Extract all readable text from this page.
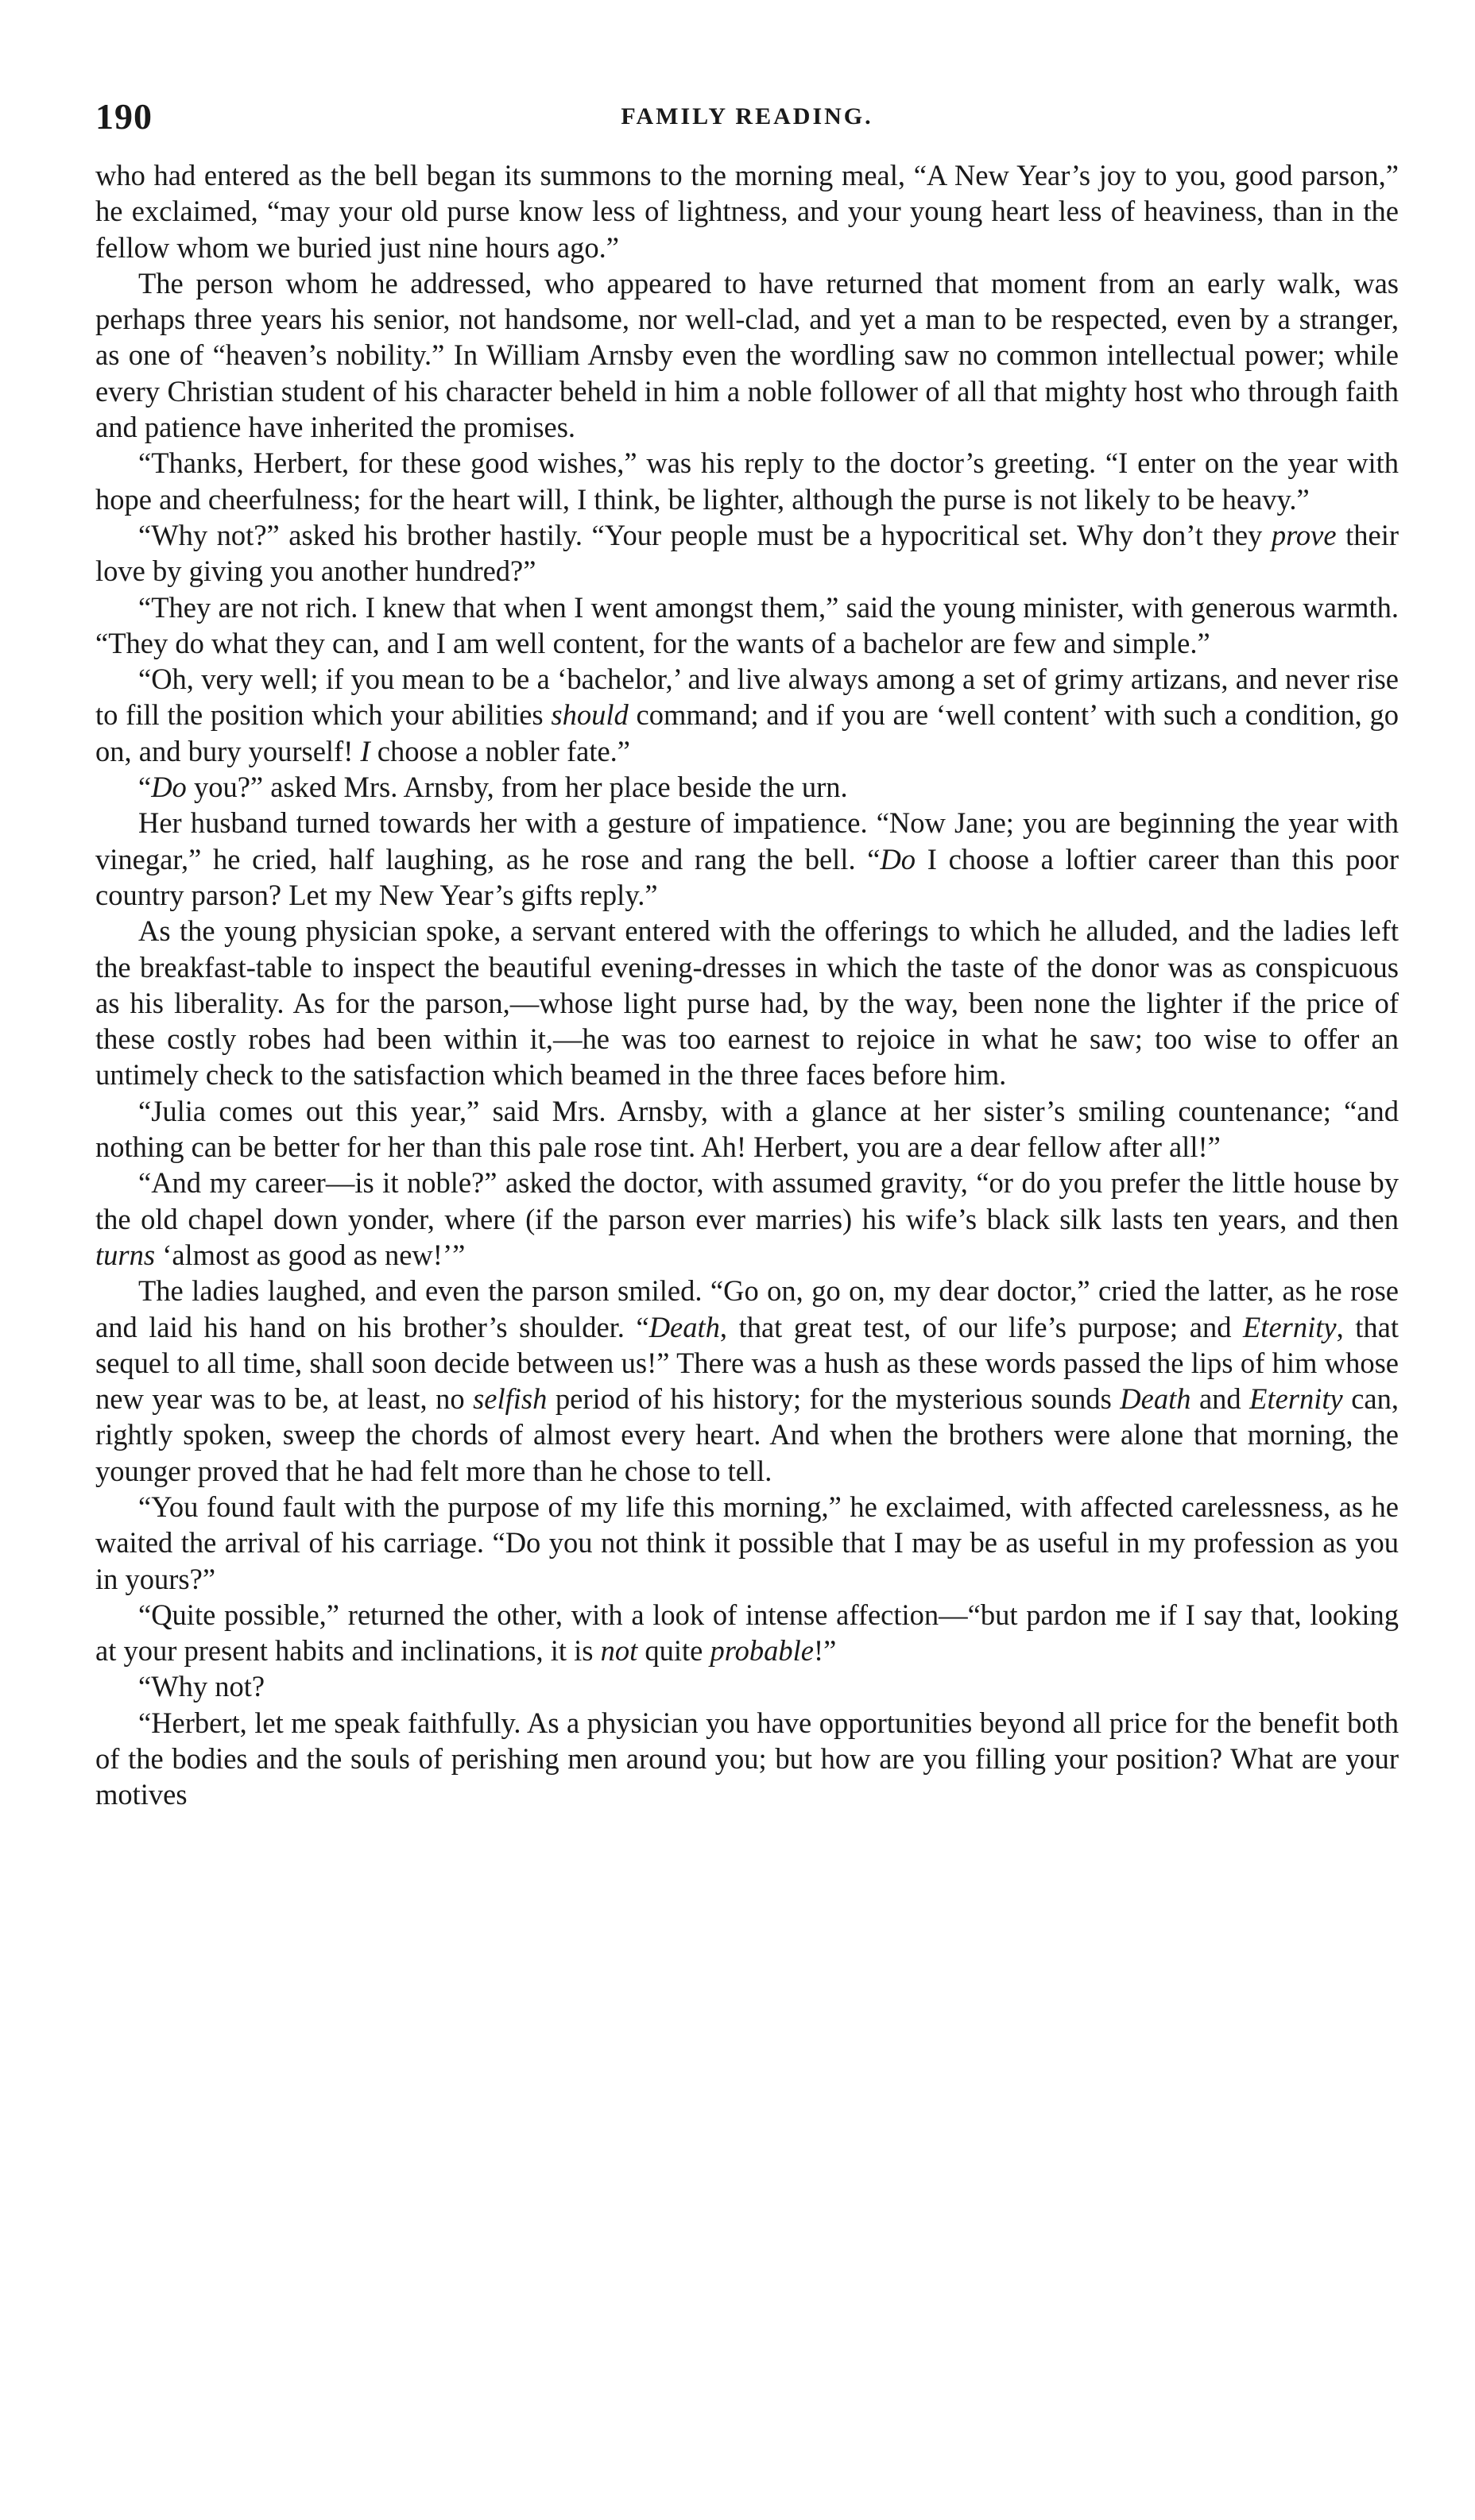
190	FAMILY READING.

who had entered as the bell began its summons to the morning meal, “A New Year’s joy to you, good parson,” he exclaimed, “may your old purse know less of lightness, and your young heart less of heaviness, than in the fellow whom we buried just nine hours ago.”

The person whom he addressed, who appeared to have returned that moment from an early walk, was perhaps three years his senior, not handsome, nor well-clad, and yet a man to be respected, even by a stranger, as one of “heaven’s nobility.” In William Arnsby even the wordling saw no common intellectual power; while every Christian student of his character beheld in him a noble follower of all that mighty host who through faith and patience have inherited the promises.

“Thanks, Herbert, for these good wishes,” was his reply to the doctor’s greeting. “I enter on the year with hope and cheerfulness; for the heart will, I think, be lighter, although the purse is not likely to be heavy.”

“Why not?” asked his brother hastily. “Your people must be a hypocritical set. Why don’t they prove their love by giving you another hundred?”

“They are not rich. I knew that when I went amongst them,” said the young minister, with generous warmth. “They do what they can, and I am well content, for the wants of a bachelor are few and simple.”

“Oh, very well; if you mean to be a ‘bachelor,’ and live always among a set of grimy artizans, and never rise to fill the position which your abilities should command; and if you are ‘well content’ with such a condition, go on, and bury yourself! I choose a nobler fate.”

“Do you?” asked Mrs. Arnsby, from her place beside the urn.

Her husband turned towards her with a gesture of impatience. “Now Jane; you are beginning the year with vinegar,” he cried, half laughing, as he rose and rang the bell. “Do I choose a loftier career than this poor country parson? Let my New Year’s gifts reply.”

As the young physician spoke, a servant entered with the offerings to which he alluded, and the ladies left the breakfast-table to inspect the beautiful evening-dresses in which the taste of the donor was as conspicuous as his liberality. As for the parson,—whose light purse had, by the way, been none the lighter if the price of these costly robes had been within it,—he was too earnest to rejoice in what he saw; too wise to offer an untimely check to the satisfaction which beamed in the three faces before him.

“Julia comes out this year,” said Mrs. Arnsby, with a glance at her sister’s smiling countenance; “and nothing can be better for her than this pale rose tint. Ah! Herbert, you are a dear fellow after all!”

“And my career—is it noble?” asked the doctor, with assumed gravity, “or do you prefer the little house by the old chapel down yonder, where (if the parson ever marries) his wife’s black silk lasts ten years, and then turns ‘almost as good as new!’”

The ladies laughed, and even the parson smiled. “Go on, go on, my dear doctor,” cried the latter, as he rose and laid his hand on his brother’s shoulder. “Death, that great test, of our life’s purpose; and Eternity, that sequel to all time, shall soon decide between us!” There was a hush as these words passed the lips of him whose new year was to be, at least, no selfish period of his history; for the mysterious sounds Death and Eternity can, rightly spoken, sweep the chords of almost every heart. And when the brothers were alone that morning, the younger proved that he had felt more than he chose to tell.

“You found fault with the purpose of my life this morning,” he exclaimed, with affected carelessness, as he waited the arrival of his carriage. “Do you not think it possible that I may be as useful in my profession as you in yours?”

“Quite possible,” returned the other, with a look of intense affection—“but pardon me if I say that, looking at your present habits and inclinations, it is not quite probable!”

“Why not?

“Herbert, let me speak faithfully. As a physician you have opportunities beyond all price for the benefit both of the bodies and the souls of perishing men around you; but how are you filling your position? What are your motives
